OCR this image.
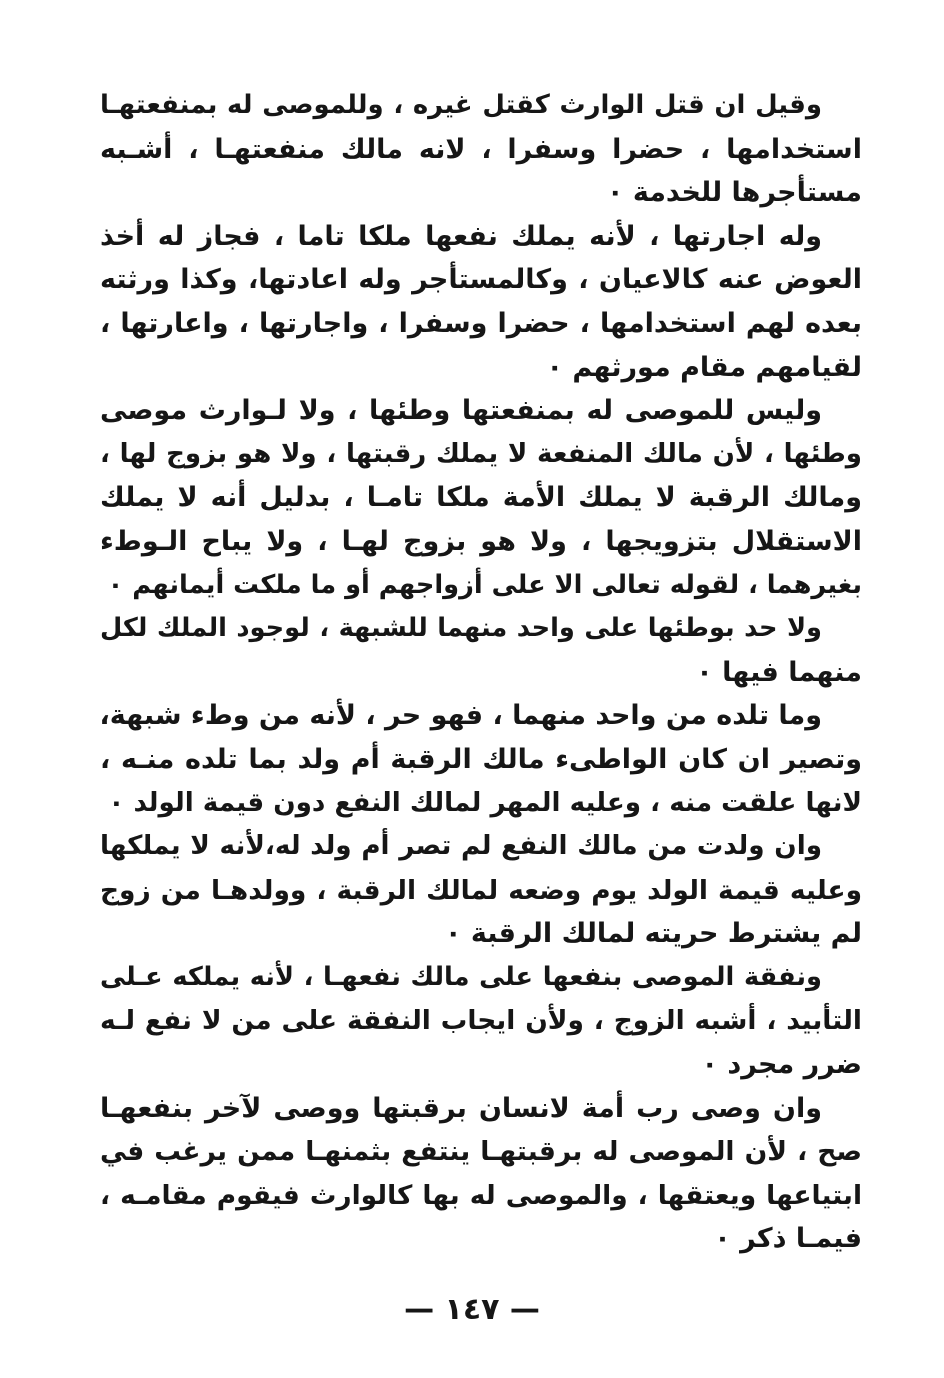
وقيل ان قتل الوارث كقتل غيره ، وللموصى له بمنفعتهـا
استخدامها ، حضرا وسفرا ، لانه مالك منفعتهـا ، أشـبه
مستأجرها للخدمة ٠

وله اجارتها ، لأنه يملك نفعها ملكا تاما ، فجاز له أخذ
العوض عنه كالاعيان ، وكالمستأجر وله اعادتها، وكذا ورثته
بعده لهم استخدامها ، حضرا وسفرا ، واجارتها ، واعارتها ،
لقيامهم مقام مورثهم ٠

وليس للموصى له بمنفعتها وطئها ، ولا لـوارث موصى
وطئها ، لأن مالك المنفعة لا يملك رقبتها ، ولا هو بزوج لها ،
ومالك الرقبة لا يملك الأمة ملكا تامـا ، بدليل أنه لا يملك
الاستقلال بتزويجها ، ولا هو بزوج لهـا ، ولا يباح الـوطء
بغيرهما ، لقوله تعالى الا على أزواجهم أو ما ملكت أيمانهم ٠

ولا حد بوطئها على واحد منهما للشبهة ، لوجود الملك لكل
منهما فيها ٠

وما تلده من واحد منهما ، فهو حر ، لأنه من وطء شبهة،
وتصير ان كان الواطىء مالك الرقبة أم ولد بما تلده منـه ،
لانها علقت منه ، وعليه المهر لمالك النفع دون قيمة الولد ٠

وان ولدت من مالك النفع لم تصر أم ولد له،لأنه لا يملكها
وعليه قيمة الولد يوم وضعه لمالك الرقبة ، وولدهـا من زوج
لم يشترط حريته لمالك الرقبة ٠

ونفقة الموصى بنفعها على مالك نفعهـا ، لأنه يملكه عـلى
التأبيد ، أشبه الزوج ، ولأن ايجاب النفقة على من لا نفع لـه
ضرر مجرد ٠

وان وصى رب أمة لانسان برقبتها ووصى لآخر بنفعهـا
صح ، لأن الموصى له برقبتهـا ينتفع بثمنهـا ممن يرغب في
ابتياعها ويعتقها ، والموصى له بها كالوارث فيقوم مقامـه ،
فيمـا ذكر ٠

— ١٤٧ —
